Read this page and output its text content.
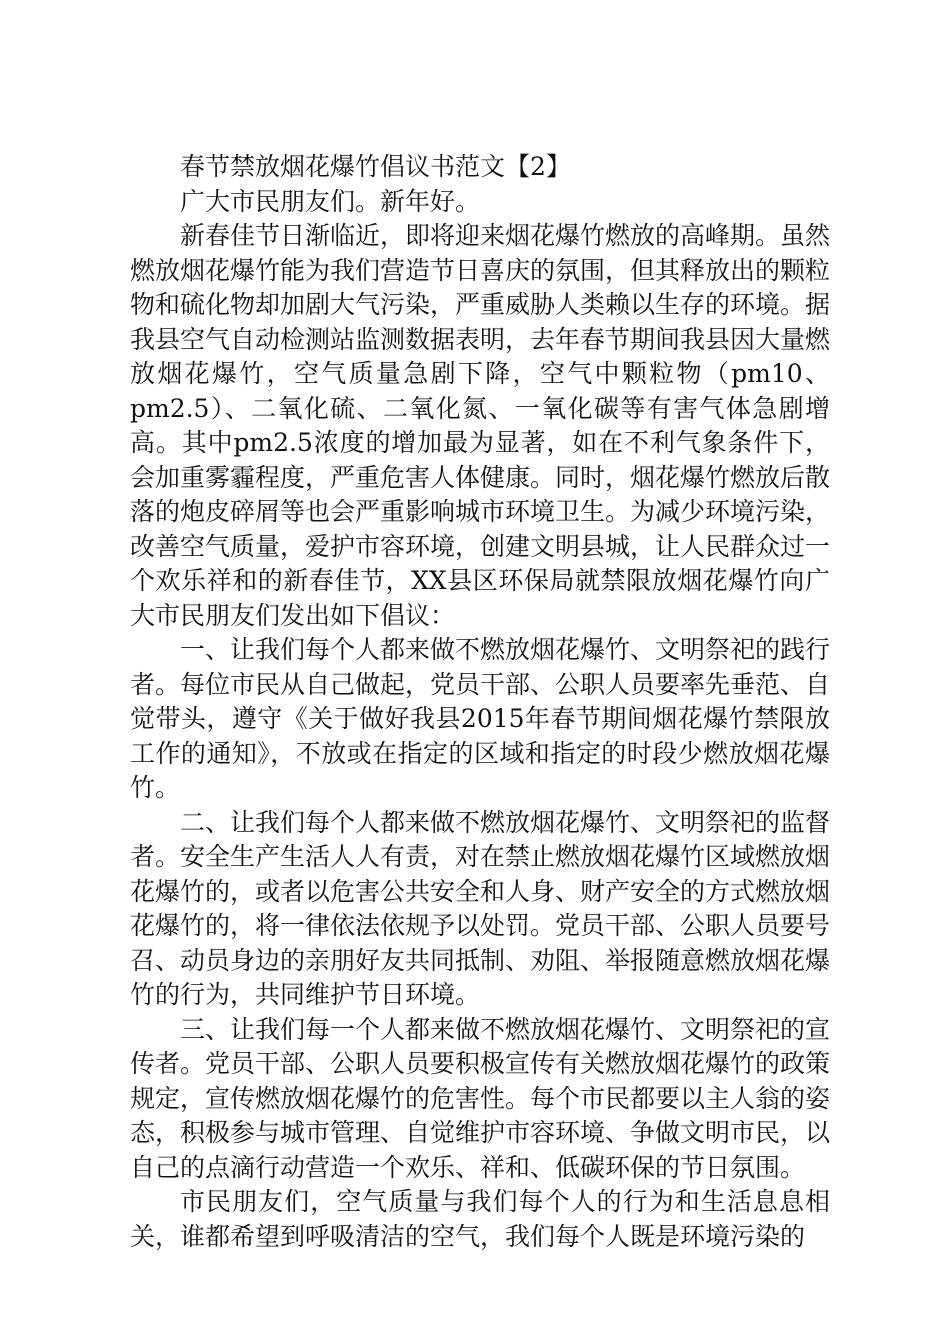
春节禁放烟花爆竹倡议书范文【2】

广大市民朋友们。新年好。

新春佳节日渐临近，即将迎来烟花爆竹燃放的高峰期。虽然燃放烟花爆竹能为我们营造节日喜庆的氛围，但其释放出的颗粒物和硫化物却加剧大气污染，严重威胁人类赖以生存的环境。据我县空气自动检测站监测数据表明，去年春节期间我县因大量燃放烟花爆竹，空气质量急剧下降，空气中颗粒物（pm10、pm2.5）、二氧化硫、二氧化氮、一氧化碳等有害气体急剧增高。其中pm2.5浓度的增加最为显著，如在不利气象条件下，会加重雾霾程度，严重危害人体健康。同时，烟花爆竹燃放后散落的炮皮碎屑等也会严重影响城市环境卫生。为减少环境污染，改善空气质量，爱护市容环境，创建文明县城，让人民群众过一个欢乐祥和的新春佳节，XX县区环保局就禁限放烟花爆竹向广大市民朋友们发出如下倡议：

一、让我们每个人都来做不燃放烟花爆竹、文明祭祀的践行者。每位市民从自己做起，党员干部、公职人员要率先垂范、自觉带头，遵守《关于做好我县2015年春节期间烟花爆竹禁限放工作的通知》，不放或在指定的区域和指定的时段少燃放烟花爆竹。

二、让我们每个人都来做不燃放烟花爆竹、文明祭祀的监督者。安全生产生活人人有责，对在禁止燃放烟花爆竹区域燃放烟花爆竹的，或者以危害公共安全和人身、财产安全的方式燃放烟花爆竹的，将一律依法依规予以处罚。党员干部、公职人员要号召、动员身边的亲朋好友共同抵制、劝阻、举报随意燃放烟花爆竹的行为，共同维护节日环境。

三、让我们每一个人都来做不燃放烟花爆竹、文明祭祀的宣传者。党员干部、公职人员要积极宣传有关燃放烟花爆竹的政策规定，宣传燃放烟花爆竹的危害性。每个市民都要以主人翁的姿态，积极参与城市管理、自觉维护市容环境、争做文明市民，以自己的点滴行动营造一个欢乐、祥和、低碳环保的节日氛围。

市民朋友们，空气质量与我们每个人的行为和生活息息相关，谁都希望到呼吸清洁的空气，我们每个人既是环境污染的
